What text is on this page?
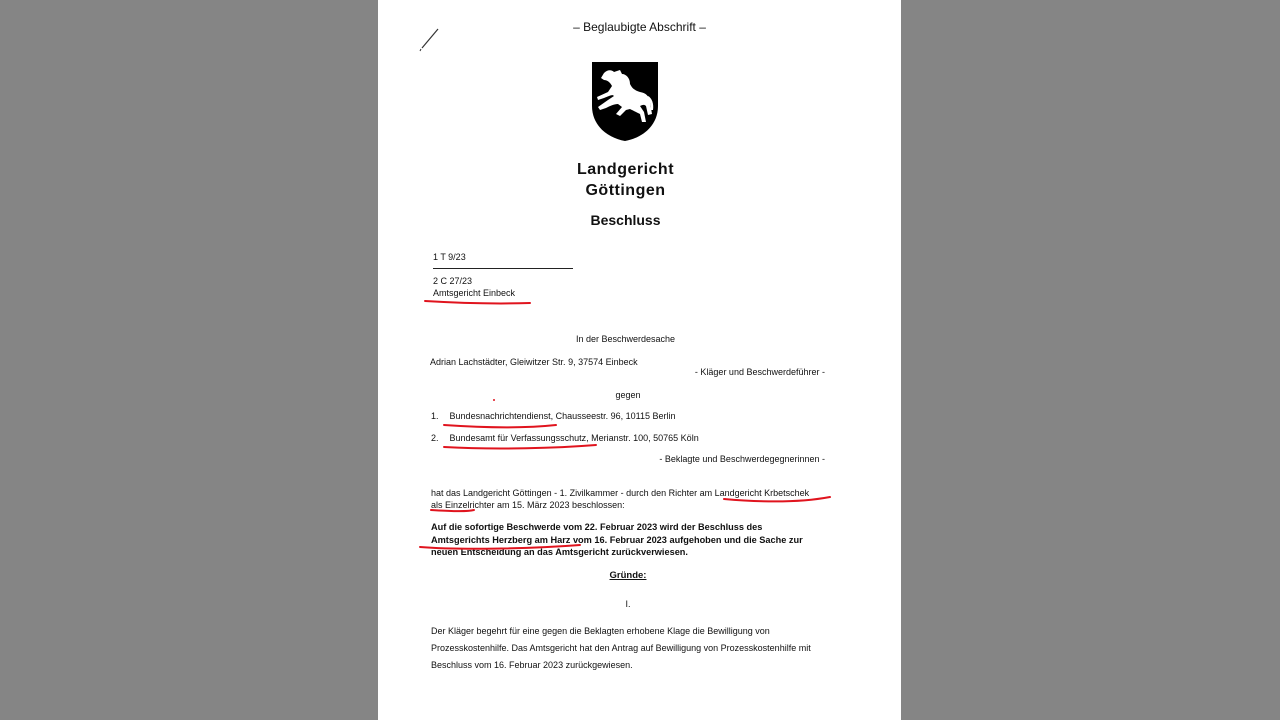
– Beglaubigte Abschrift –
Landgericht
Göttingen
Beschluss
1 T 9/23
2 C 27/23
Amtsgericht Einbeck
In der Beschwerdesache
Adrian Lachstädter, Gleiwitzer Str. 9, 37574 Einbeck
- Kläger und Beschwerdeführer -
gegen
1. Bundesnachrichtendienst, Chausseestr. 96, 10115 Berlin
2. Bundesamt für Verfassungsschutz, Merianstr. 100, 50765 Köln
- Beklagte und Beschwerdegegnerinnen -
hat das Landgericht Göttingen - 1. Zivilkammer - durch den Richter am Landgericht Krbetschek
als Einzelrichter am 15. März 2023 beschlossen:
Auf die sofortige Beschwerde vom 22. Februar 2023 wird der Beschluss des
Amtsgerichts Herzberg am Harz vom 16. Februar 2023 aufgehoben und die Sache zur
neuen Entscheidung an das Amtsgericht zurückverwiesen.
Gründe:
I.
Der Kläger begehrt für eine gegen die Beklagten erhobene Klage die Bewilligung von
Prozesskostenhilfe. Das Amtsgericht hat den Antrag auf Bewilligung von Prozesskostenhilfe mit
Beschluss vom 16. Februar 2023 zurückgewiesen.
